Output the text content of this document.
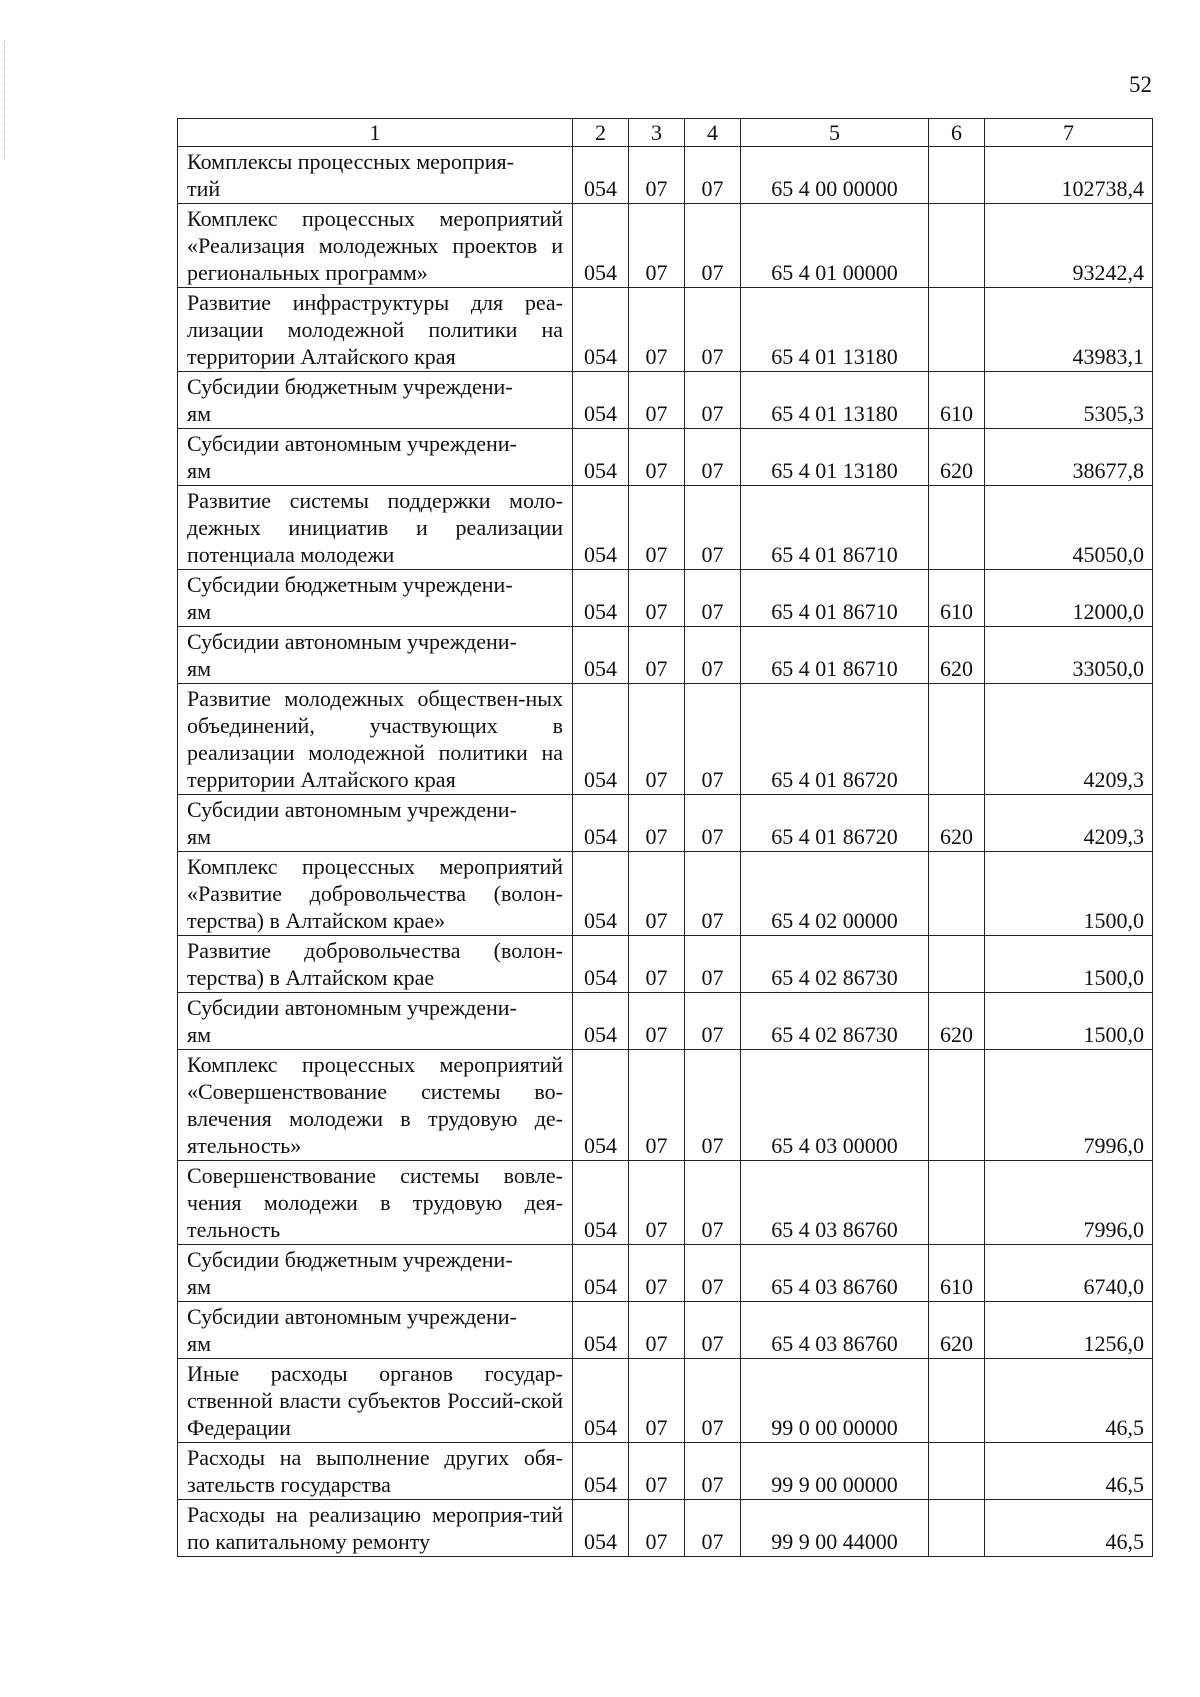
52
1	2	3	4	5	6	7
Комплексы процессных мероприя-
тий	054	07	07	65 4 00 00000		102738,4
Комплекс процессных мероприятий «Реализация молодежных проектов и региональных программ»	054	07	07	65 4 01 00000		93242,4
Развитие инфраструктуры для реа-лизации молодежной политики на территории Алтайского края	054	07	07	65 4 01 13180		43983,1
Субсидии бюджетным учреждени-
ям	054	07	07	65 4 01 13180	610	5305,3
Субсидии автономным учреждени-
ям	054	07	07	65 4 01 13180	620	38677,8
Развитие системы поддержки моло-дежных инициатив и реализации потенциала молодежи	054	07	07	65 4 01 86710		45050,0
Субсидии бюджетным учреждени-
ям	054	07	07	65 4 01 86710	610	12000,0
Субсидии автономным учреждени-
ям	054	07	07	65 4 01 86710	620	33050,0
Развитие молодежных обществен-ных объединений, участвующих в реализации молодежной политики на территории Алтайского края	054	07	07	65 4 01 86720		4209,3
Субсидии автономным учреждени-
ям	054	07	07	65 4 01 86720	620	4209,3
Комплекс процессных мероприятий «Развитие добровольчества (волон-терства) в Алтайском крае»	054	07	07	65 4 02 00000		1500,0
Развитие добровольчества (волон-терства) в Алтайском крае	054	07	07	65 4 02 86730		1500,0
Субсидии автономным учреждени-
ям	054	07	07	65 4 02 86730	620	1500,0
Комплекс процессных мероприятий «Совершенствование системы во-влечения молодежи в трудовую де-ятельность»	054	07	07	65 4 03 00000		7996,0
Совершенствование системы вовле-чения молодежи в трудовую дея-тельность	054	07	07	65 4 03 86760		7996,0
Субсидии бюджетным учреждени-
ям	054	07	07	65 4 03 86760	610	6740,0
Субсидии автономным учреждени-
ям	054	07	07	65 4 03 86760	620	1256,0
Иные расходы органов государ-ственной власти субъектов Россий-ской Федерации	054	07	07	99 0 00 00000		46,5
Расходы на выполнение других обя-зательств государства	054	07	07	99 9 00 00000		46,5
Расходы на реализацию мероприя-тий по капитальному ремонту	054	07	07	99 9 00 44000		46,5
